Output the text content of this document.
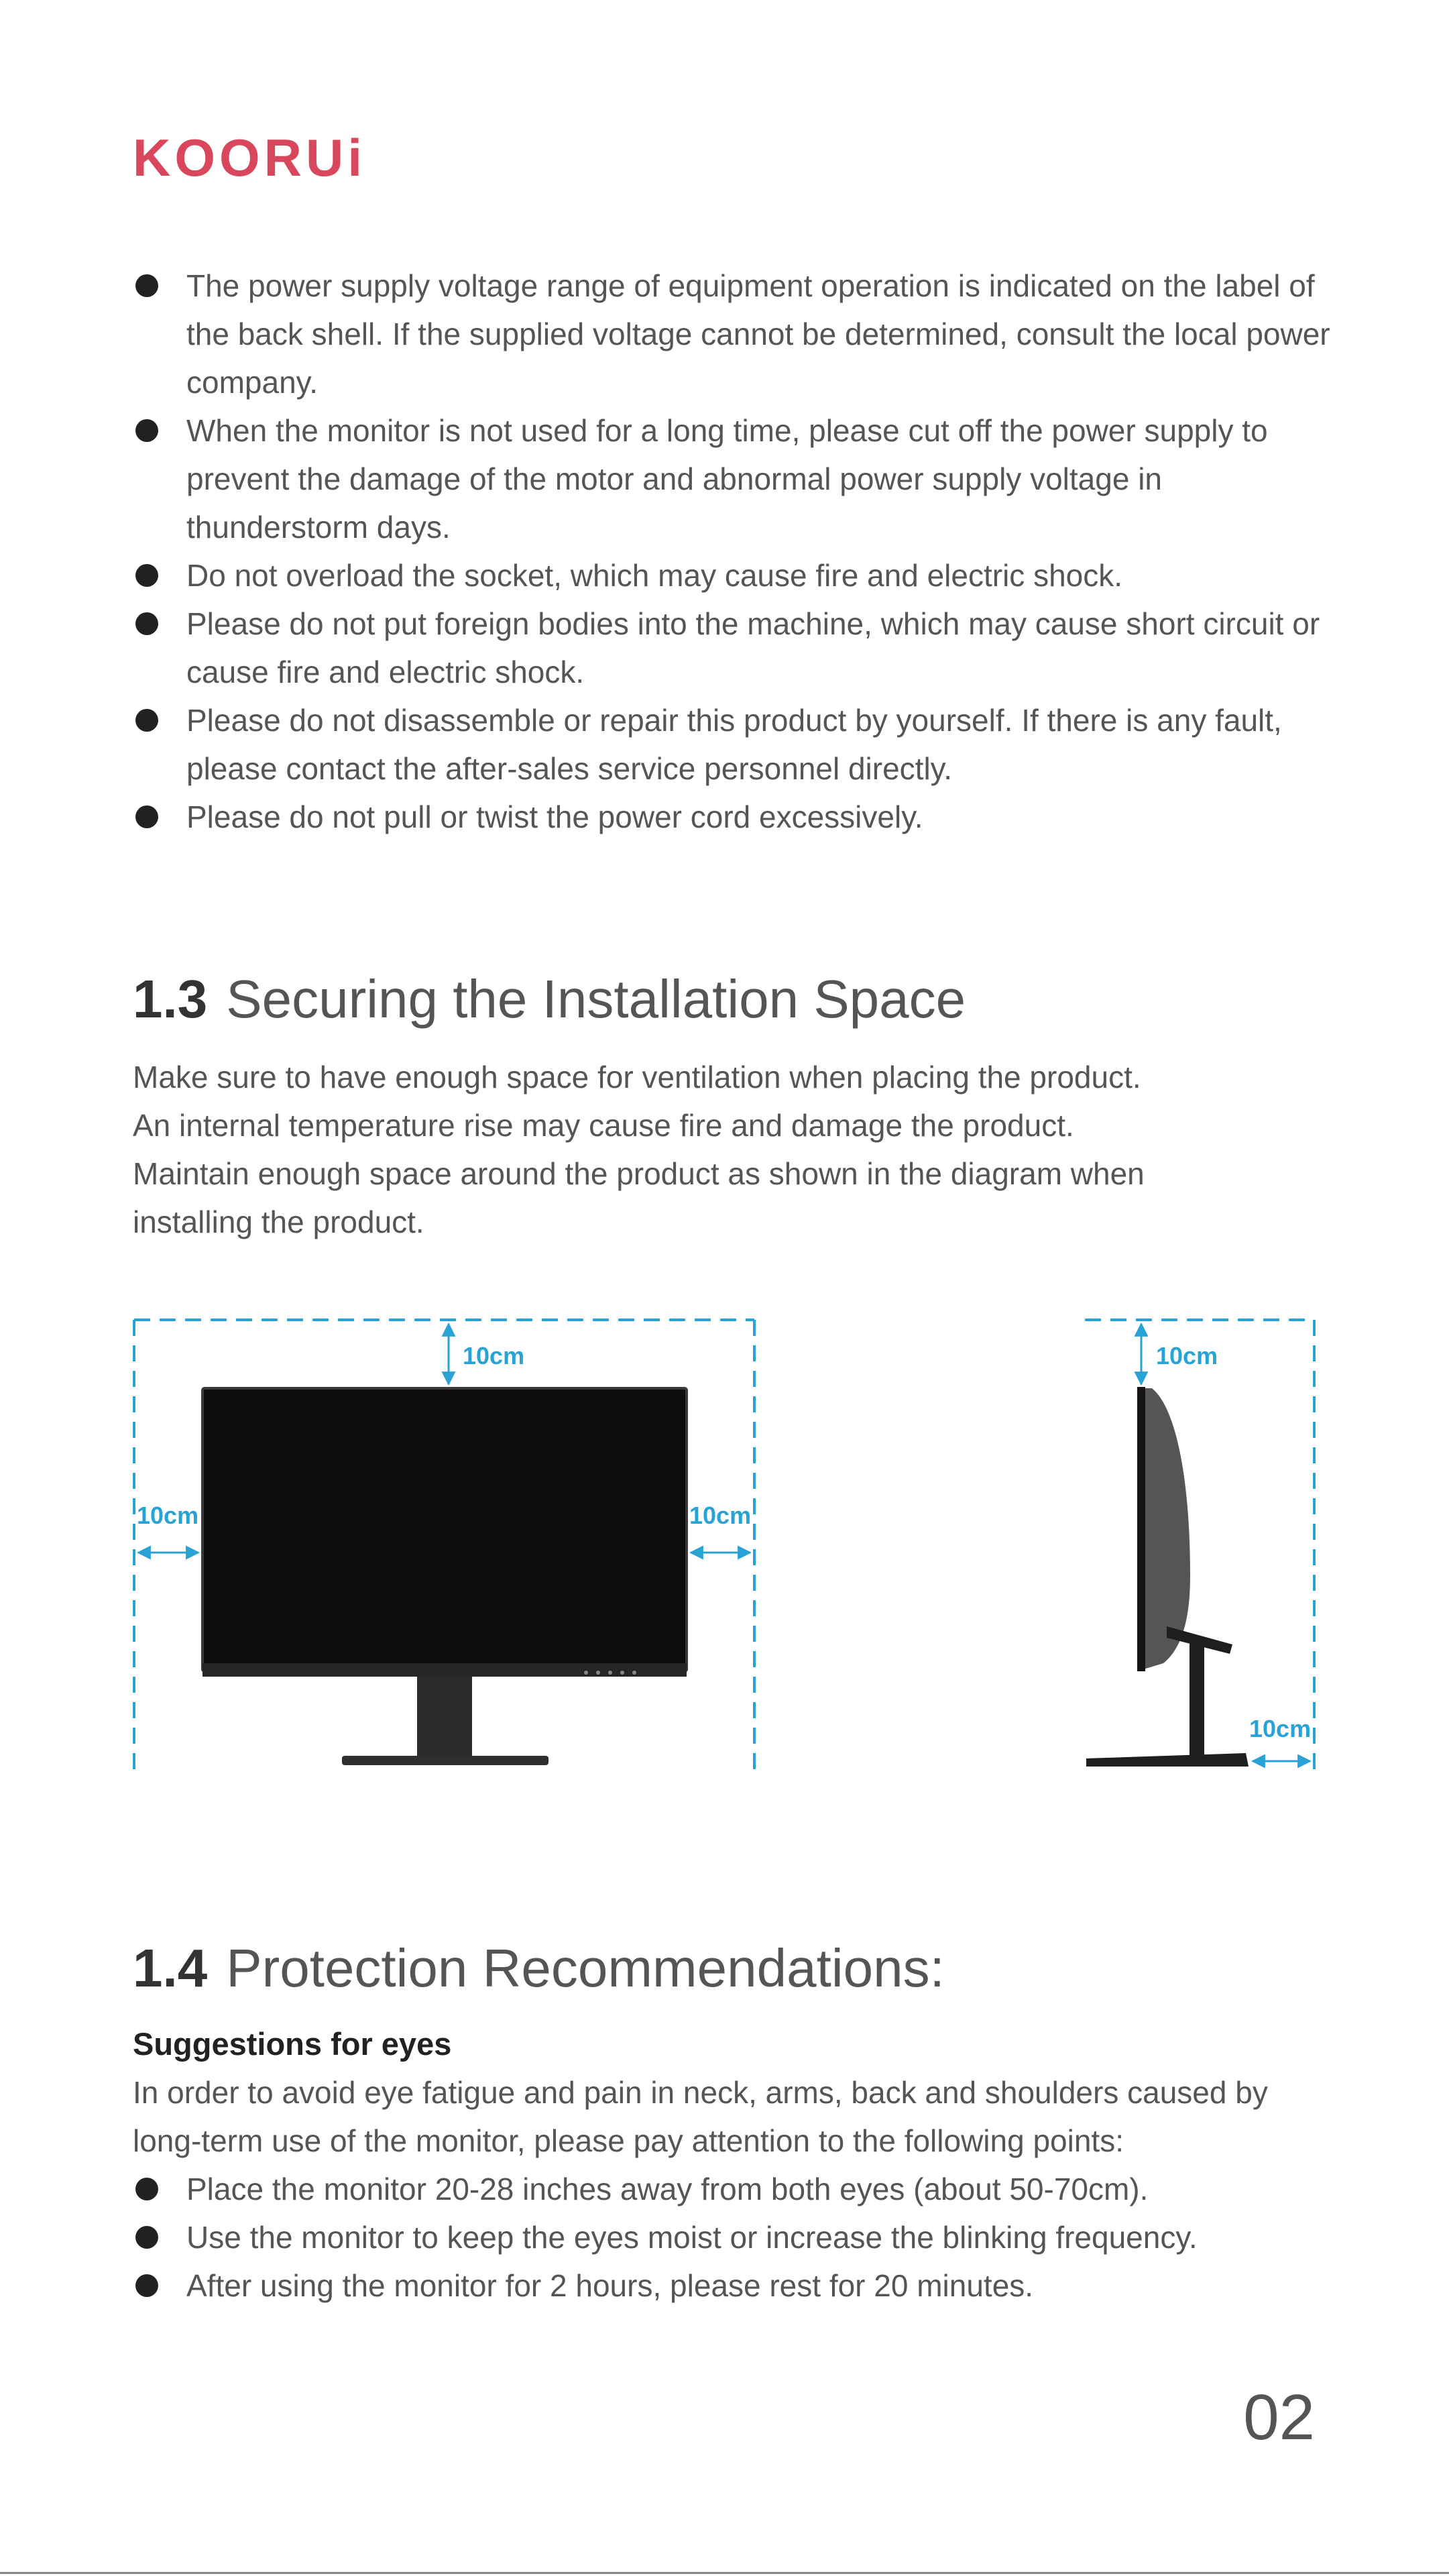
KOORUi
The power supply voltage range of equipment operation is indicated on the label of the back shell. If the supplied voltage cannot be determined, consult the local power company.
When the monitor is not used for a long time, please cut off the power supply to prevent the damage of the motor and abnormal power supply voltage in thunderstorm days.
Do not overload the socket, which may cause fire and electric shock.
Please do not put foreign bodies into the machine, which may cause short circuit or cause fire and electric shock.
Please do not disassemble or repair this product by yourself. If there is any fault, please contact the after-sales service personnel directly.
Please do not pull or twist the power cord excessively.
1.3 Securing the Installation Space
Make sure to have enough space for ventilation when placing the product.
An internal temperature rise may cause fire and damage the product.
Maintain enough space around the product as shown in the diagram when installing the product.
10cm
10cm	10cm
10cm
10cm
1.4 Protection Recommendations:
Suggestions for eyes
In order to avoid eye fatigue and pain in neck, arms, back and shoulders caused by long-term use of the monitor, please pay attention to the following points:
Place the monitor 20-28 inches away from both eyes (about 50-70cm).
Use the monitor to keep the eyes moist or increase the blinking frequency.
After using the monitor for 2 hours, please rest for 20 minutes.
02
